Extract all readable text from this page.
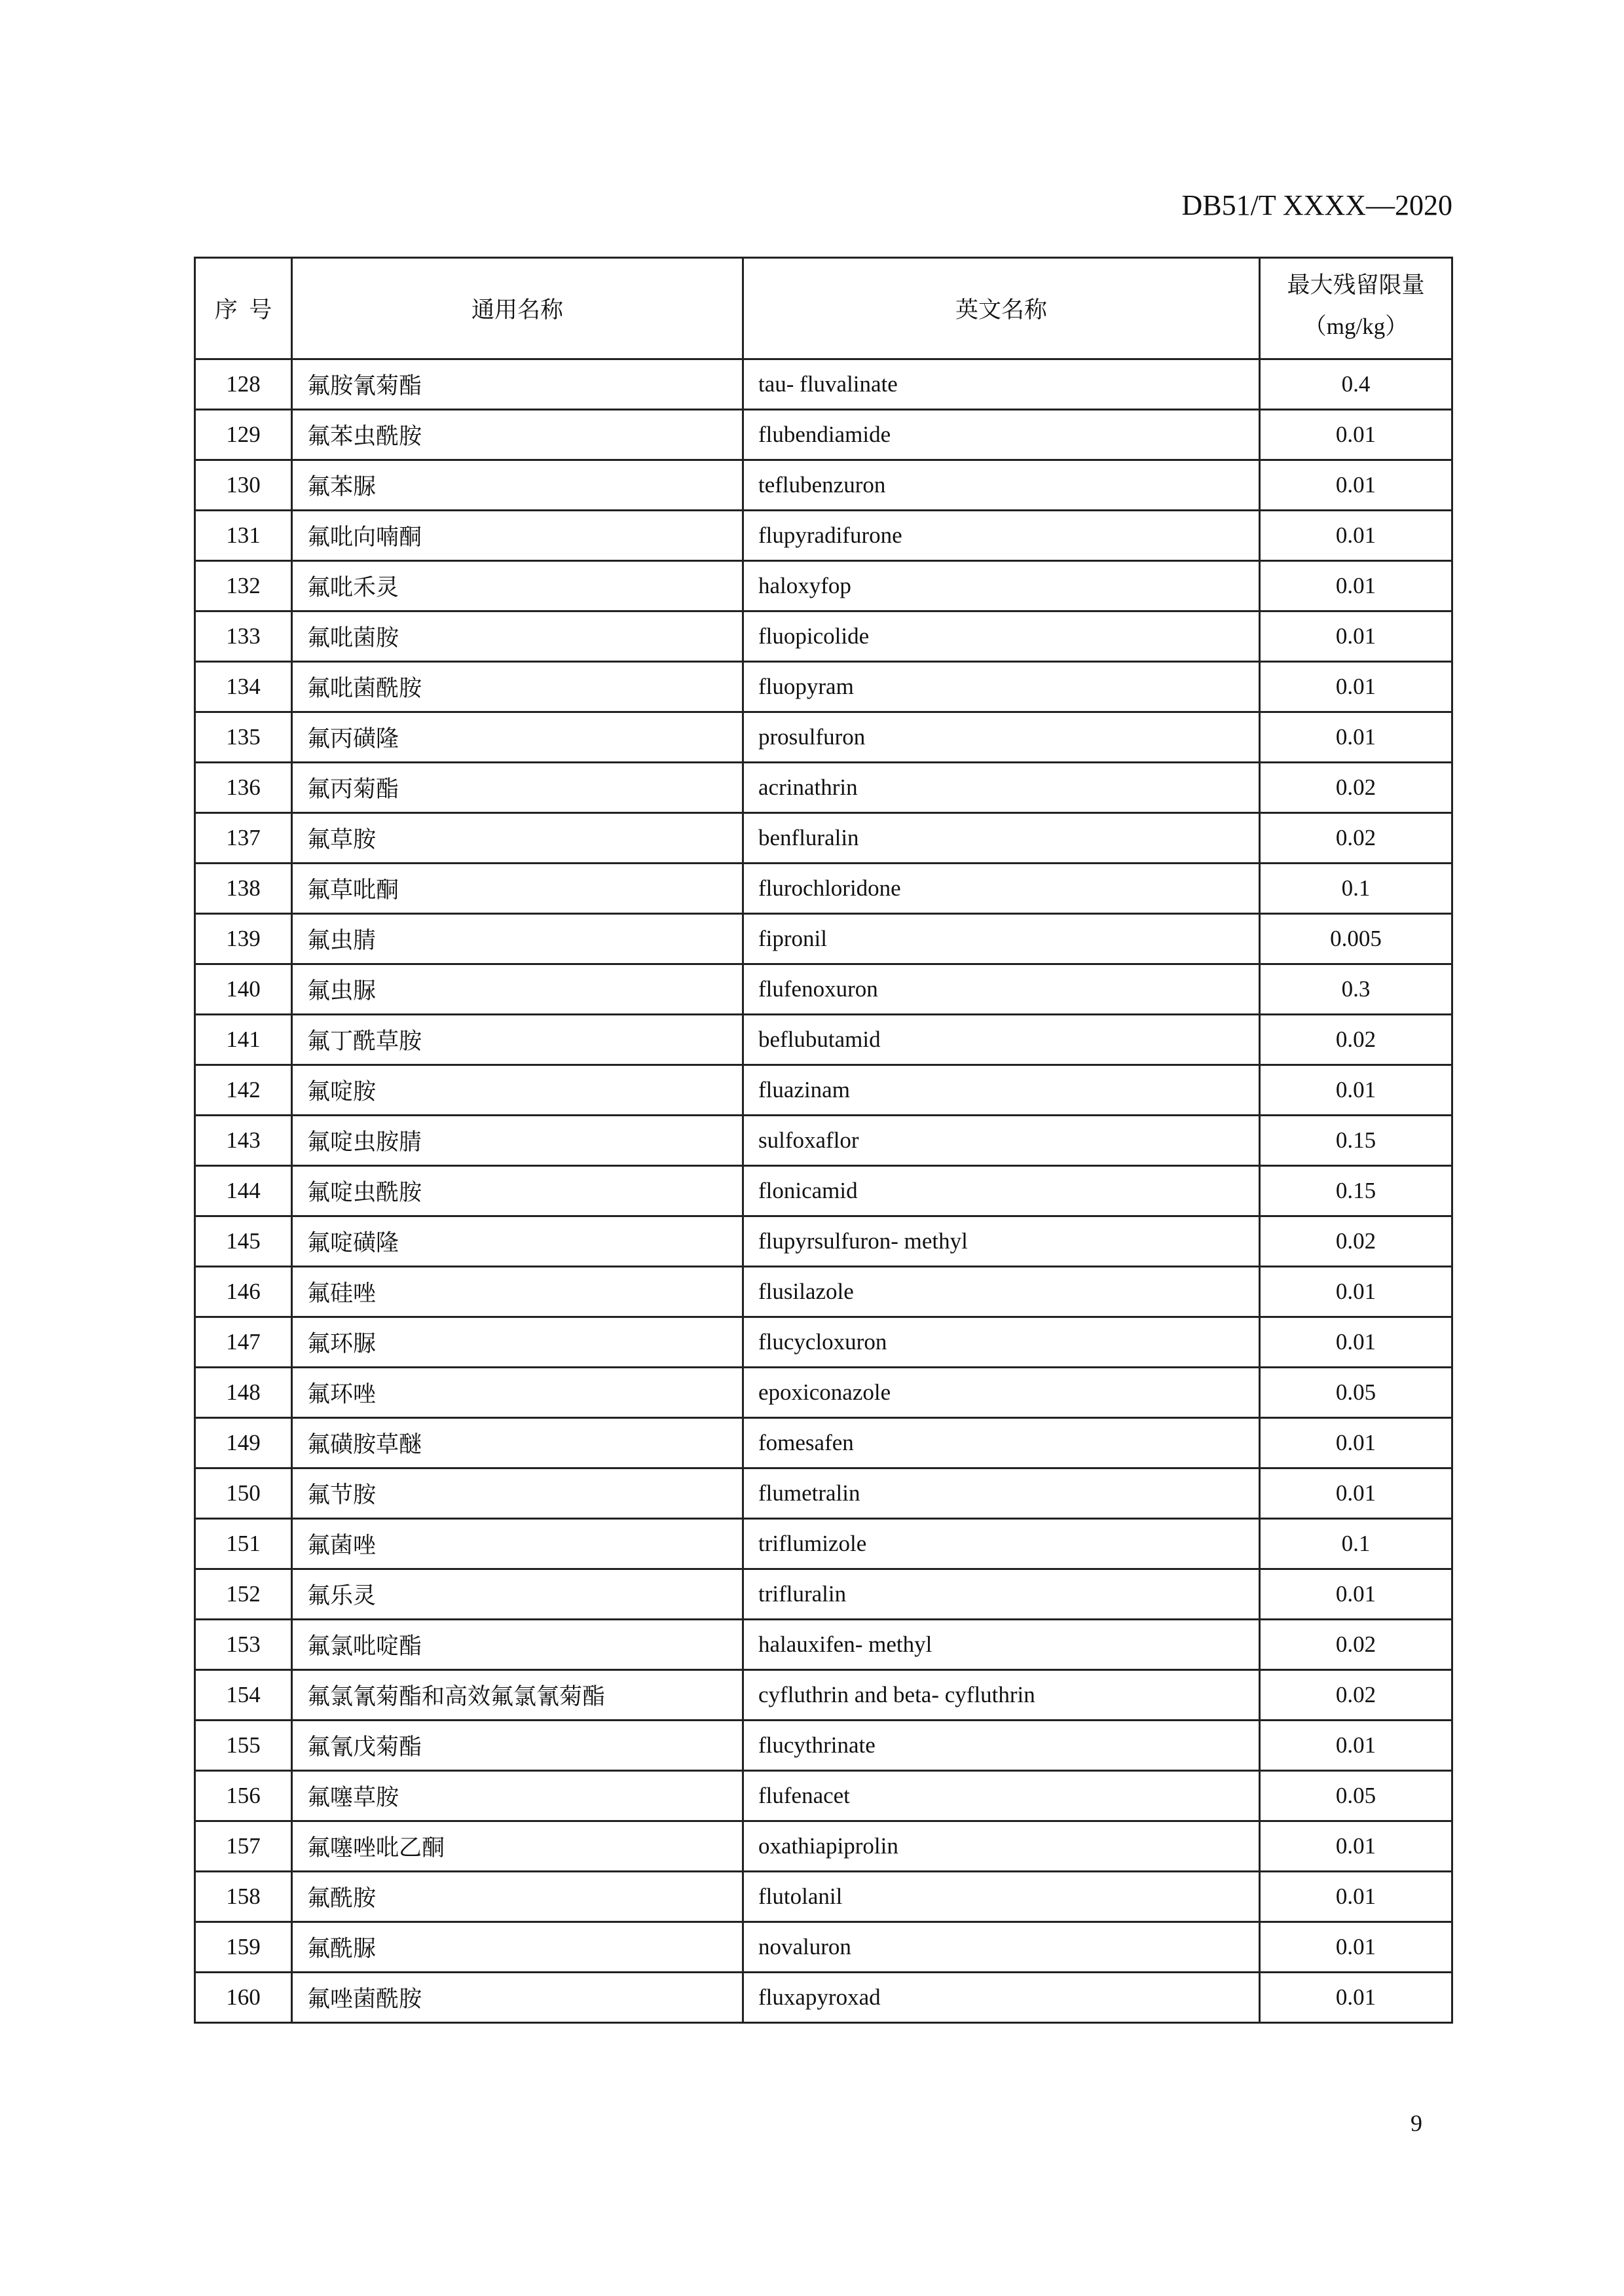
DB51/T XXXX—2020
序  号	通用名称	英文名称	最大残留限量
（mg/kg）

128	氟胺氰菊酯	tau- fluvalinate	0.4
129	氟苯虫酰胺	flubendiamide	0.01
130	氟苯脲	teflubenzuron	0.01
131	氟吡向喃酮	flupyradifurone	0.01
132	氟吡禾灵	haloxyfop	0.01
133	氟吡菌胺	fluopicolide	0.01
134	氟吡菌酰胺	fluopyram	0.01
135	氟丙磺隆	prosulfuron	0.01
136	氟丙菊酯	acrinathrin	0.02
137	氟草胺	benfluralin	0.02
138	氟草吡酮	flurochloridone	0.1
139	氟虫腈	fipronil	0.005
140	氟虫脲	flufenoxuron	0.3
141	氟丁酰草胺	beflubutamid	0.02
142	氟啶胺	fluazinam	0.01
143	氟啶虫胺腈	sulfoxaflor	0.15
144	氟啶虫酰胺	flonicamid	0.15
145	氟啶磺隆	flupyrsulfuron- methyl	0.02
146	氟硅唑	flusilazole	0.01
147	氟环脲	flucycloxuron	0.01
148	氟环唑	epoxiconazole	0.05
149	氟磺胺草醚	fomesafen	0.01
150	氟节胺	flumetralin	0.01
151	氟菌唑	triflumizole	0.1
152	氟乐灵	trifluralin	0.01
153	氟氯吡啶酯	halauxifen- methyl	0.02
154	氟氯氰菊酯和高效氟氯氰菊酯	cyfluthrin and beta- cyfluthrin	0.02
155	氟氰戊菊酯	flucythrinate	0.01
156	氟噻草胺	flufenacet	0.05
157	氟噻唑吡乙酮	oxathiapiprolin	0.01
158	氟酰胺	flutolanil	0.01
159	氟酰脲	novaluron	0.01
160	氟唑菌酰胺	fluxapyroxad	0.01
9
